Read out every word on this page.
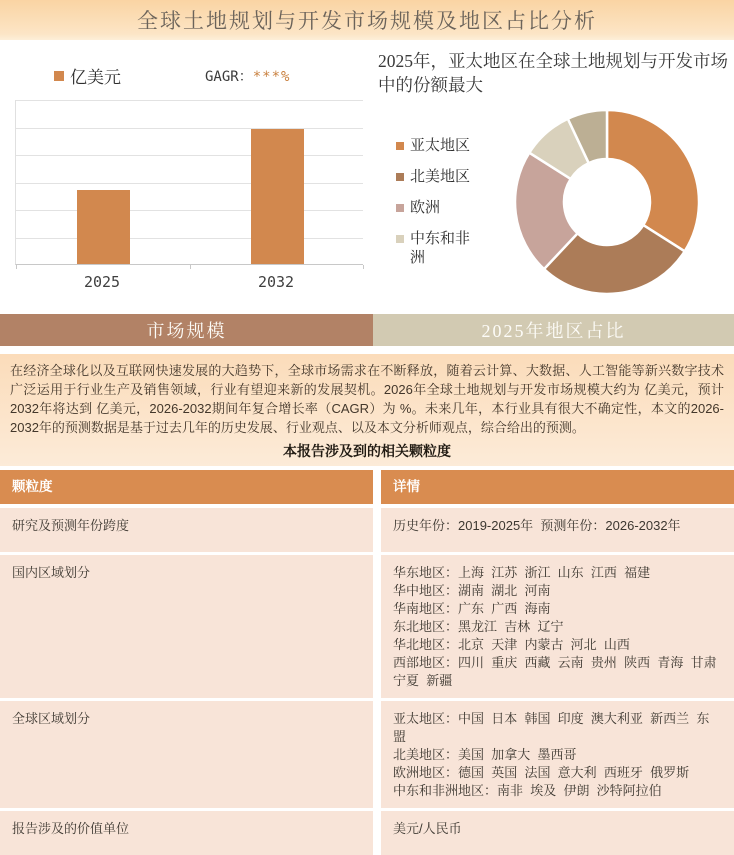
全球土地规划与开发市场规模及地区占比分析
亿美元	GAGR：***%
2025	2032
2025年，亚太地区在全球土地规划与开发市场中的份额最大
亚太地区
北美地区
欧洲
中东和非洲
市场规模	2025年地区占比

在经济全球化以及互联网快速发展的大趋势下，全球市场需求在不断释放，随着云计算、大数据、人工智能等新兴数字技术广泛运用于行业生产及销售领域，行业有望迎来新的发展契机。2026年全球土地规划与开发市场规模大约为 亿美元，预计2032年将达到 亿美元，2026-2032期间年复合增长率（CAGR）为 %。未来几年，本行业具有很大不确定性，本文的2026-2032年的预测数据是基于过去几年的历史发展、行业观点、以及本文分析师观点，综合给出的预测。

本报告涉及到的相关颗粒度
颗粒度	详情
研究及预测年份跨度	历史年份：2019-2025年  预测年份：2026-2032年
国内区域划分	华东地区：上海  江苏  浙江  山东  江西  福建
华中地区：湖南  湖北  河南
华南地区：广东  广西  海南
东北地区：黑龙江  吉林  辽宁
华北地区：北京  天津  内蒙古  河北  山西
西部地区：四川  重庆  西藏  云南  贵州  陕西  青海  甘肃  宁夏  新疆
全球区域划分	亚太地区：中国  日本  韩国  印度  澳大利亚  新西兰  东盟
北美地区：美国  加拿大  墨西哥
欧洲地区：德国  英国  法国  意大利  西班牙  俄罗斯
中东和非洲地区：南非  埃及  伊朗  沙特阿拉伯
报告涉及的价值单位	美元/人民币
